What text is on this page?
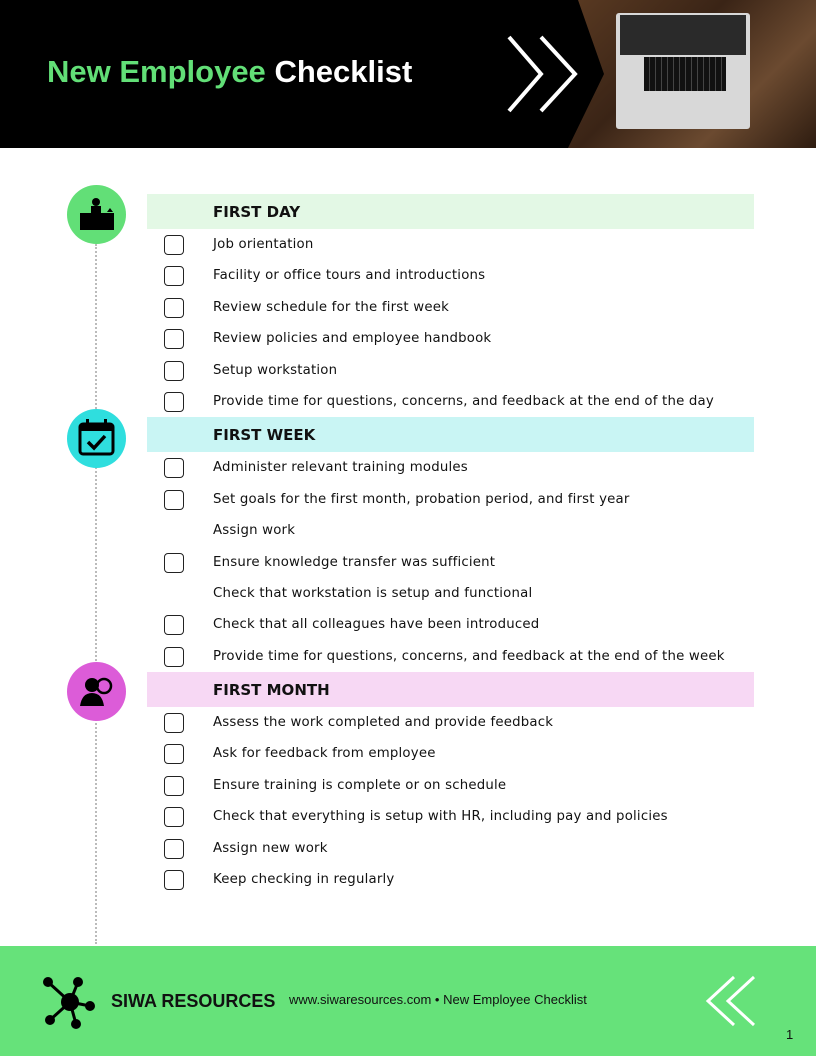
New Employee Checklist
FIRST DAY
Job orientation
Facility or office tours and introductions
Review schedule for the first week
Review policies and employee handbook
Setup workstation
Provide time for questions, concerns, and feedback at the end of the day
FIRST WEEK
Administer relevant training modules
Set goals for the first month, probation period, and first year
Assign work
Ensure knowledge transfer was sufficient
Check that workstation is setup and functional
Check that all colleagues have been introduced
Provide time for questions, concerns, and feedback at the end of the week
FIRST MONTH
Assess the work completed and provide feedback
Ask for feedback from employee
Ensure training is complete or on schedule
Check that everything is setup with HR, including pay and policies
Assign new work
Keep checking in regularly
SIWA RESOURCES www.siwaresources.com • New Employee Checklist
1
